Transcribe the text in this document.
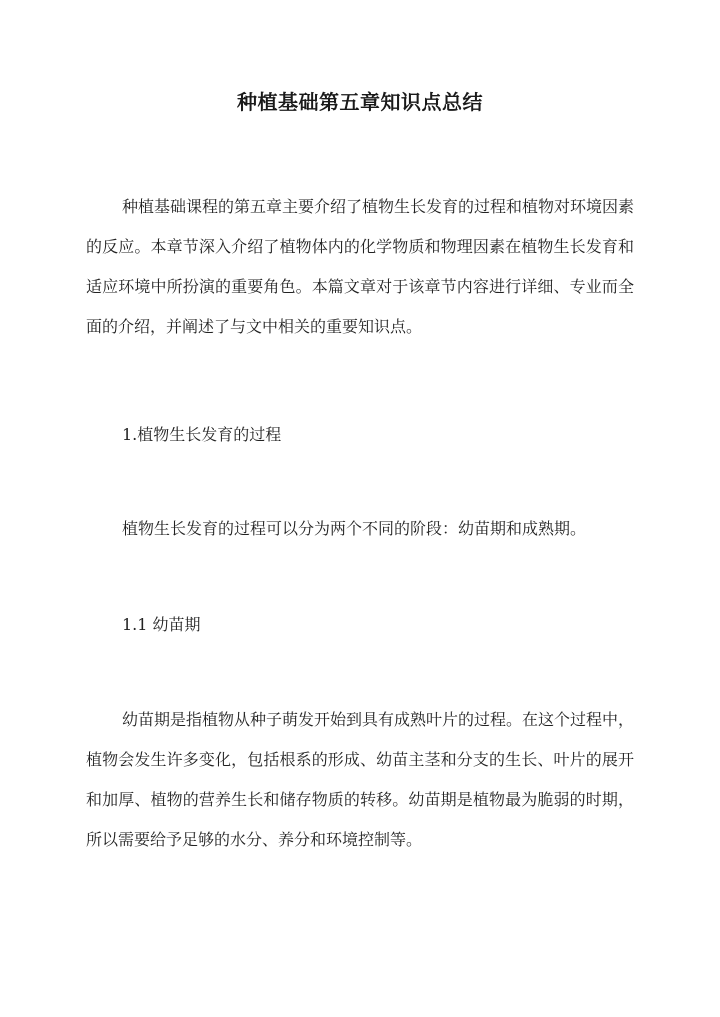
种植基础第五章知识点总结

种植基础课程的第五章主要介绍了植物生长发育的过程和植物对环境因素的反应。本章节深入介绍了植物体内的化学物质和物理因素在植物生长发育和适应环境中所扮演的重要角色。本篇文章对于该章节内容进行详细、专业而全面的介绍，并阐述了与文中相关的重要知识点。

1.植物生长发育的过程

植物生长发育的过程可以分为两个不同的阶段：幼苗期和成熟期。

1.1 幼苗期

幼苗期是指植物从种子萌发开始到具有成熟叶片的过程。在这个过程中，植物会发生许多变化，包括根系的形成、幼苗主茎和分支的生长、叶片的展开和加厚、植物的营养生长和储存物质的转移。幼苗期是植物最为脆弱的时期，所以需要给予足够的水分、养分和环境控制等。
